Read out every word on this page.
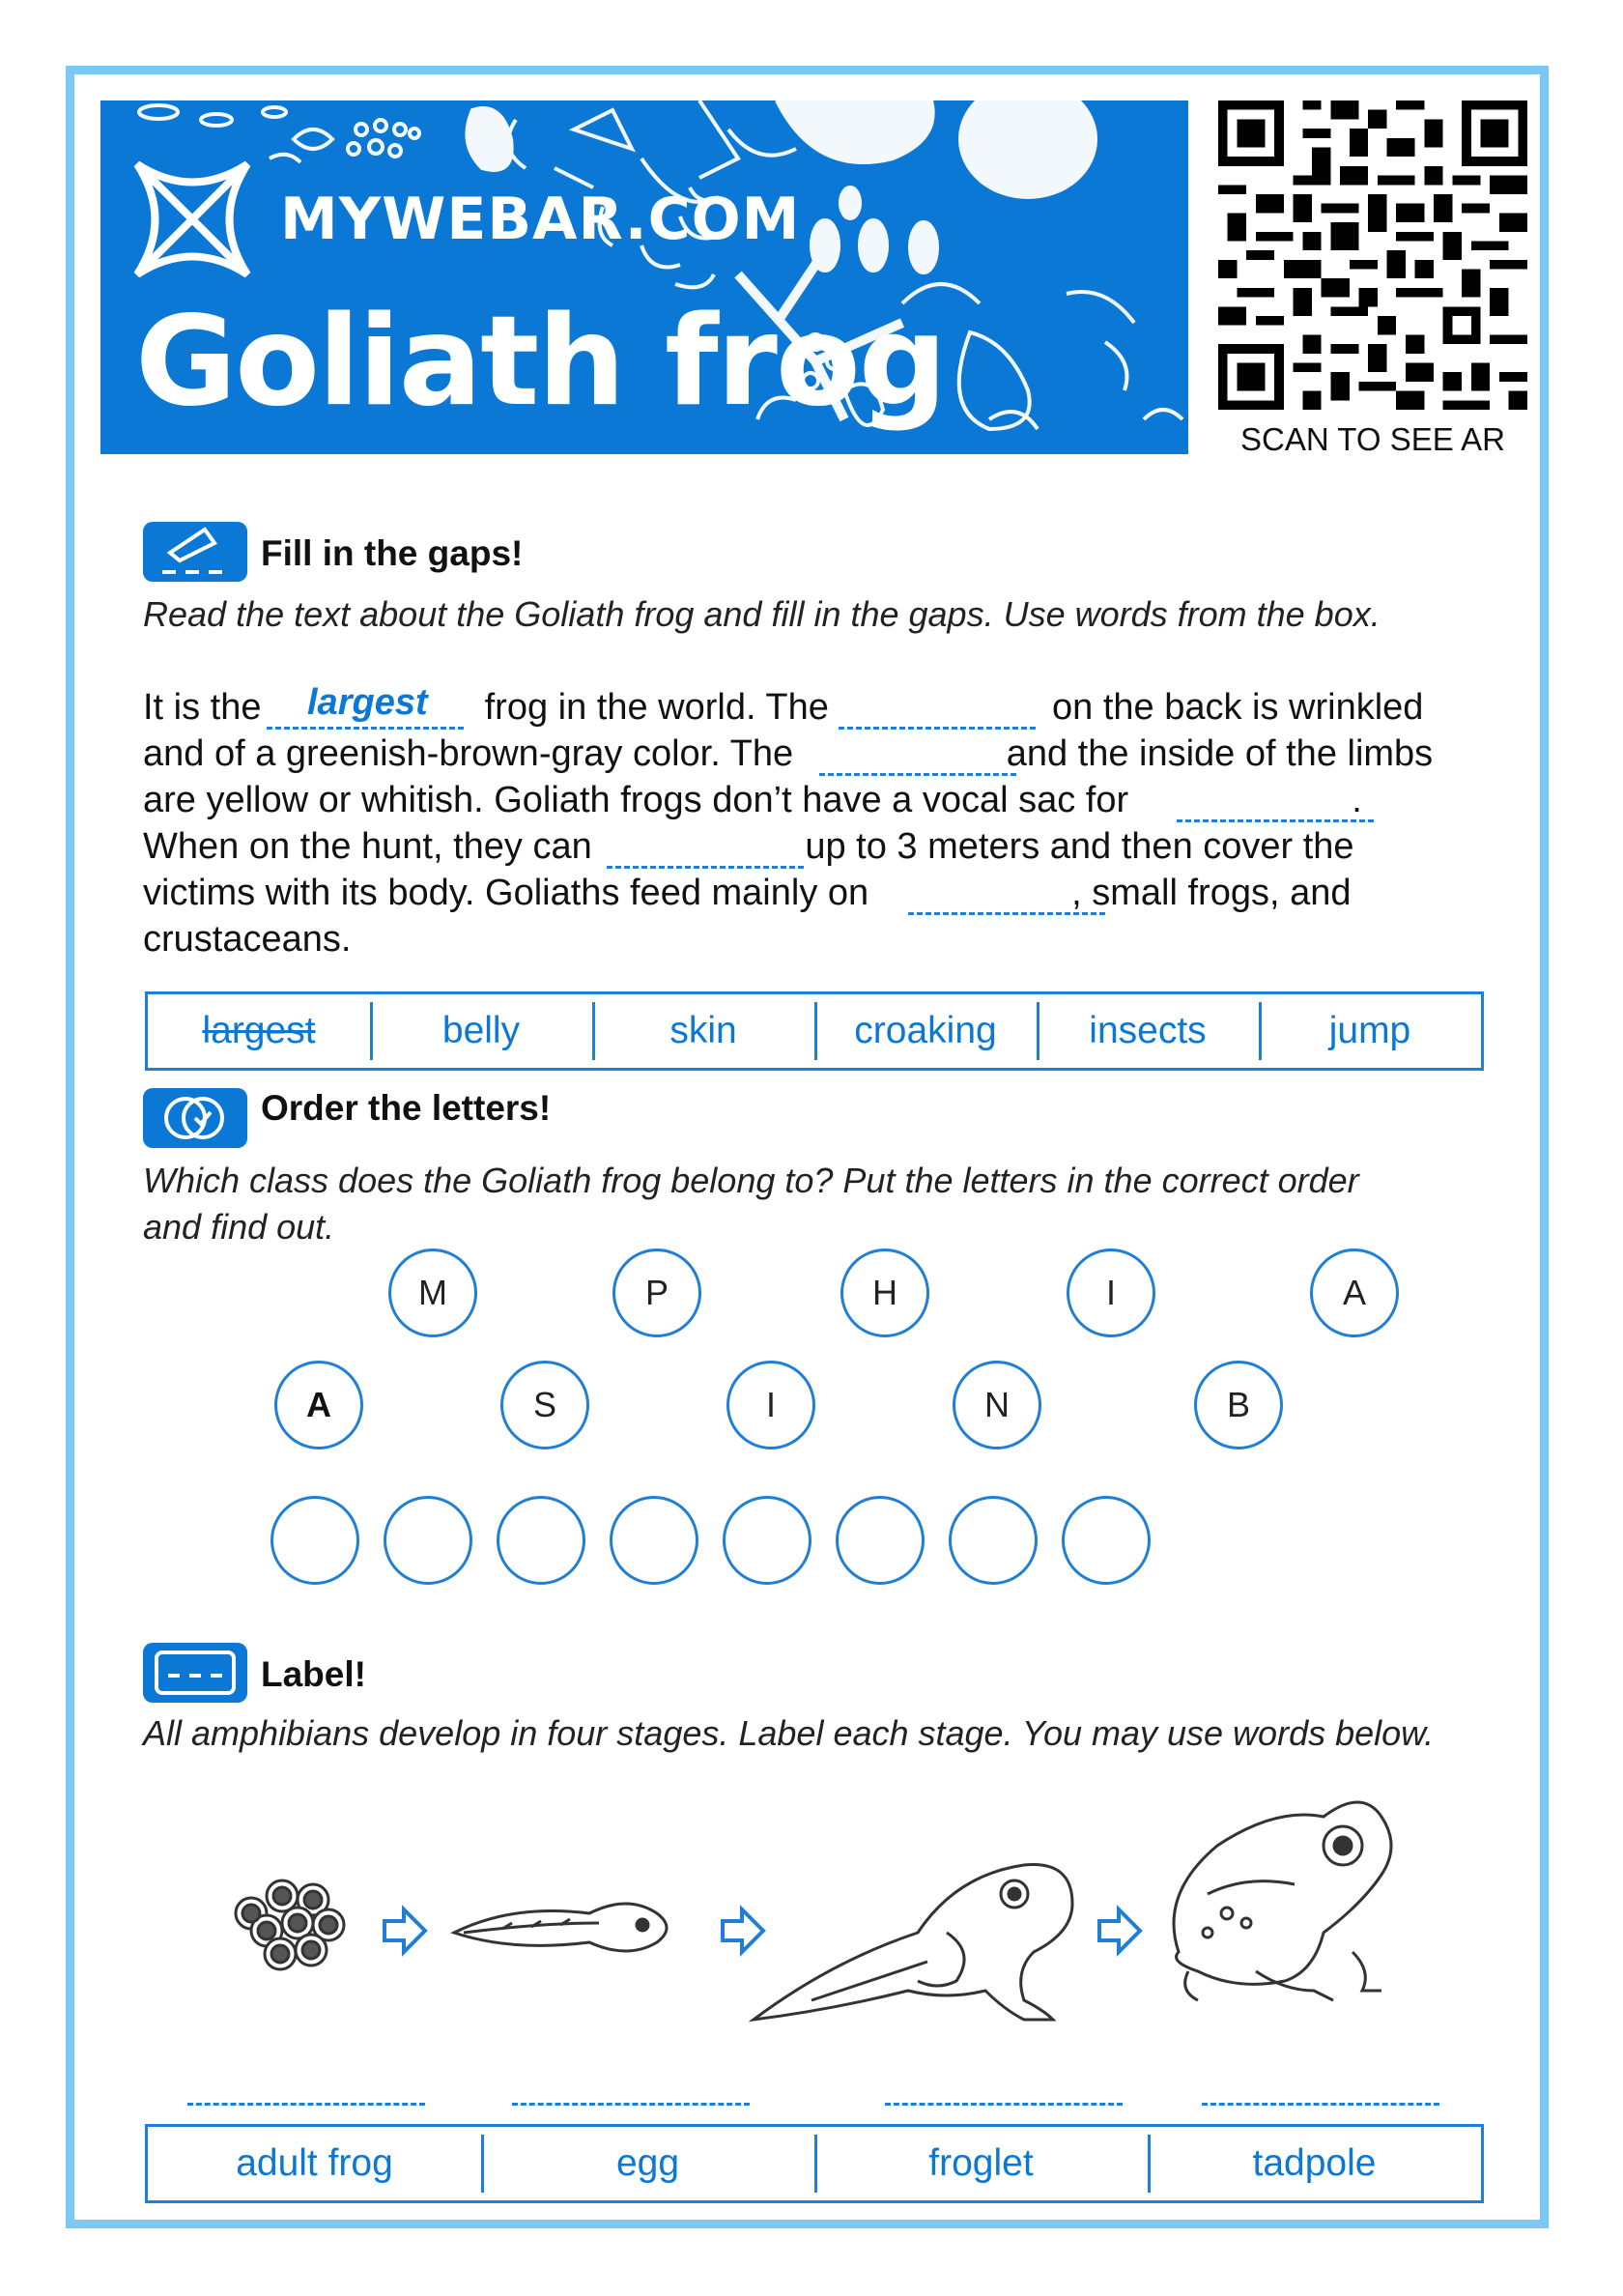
MYWEBAR.COM
Goliath frog
SCAN TO SEE AR
Fill in the gaps!
Read the text about the Goliath frog and fill in the gaps. Use words from the box.
It is the	frog in the world. The	on the back is wrinkled
and of a greenish-brown-gray color. The	and the inside of the limbs
are yellow or whitish. Goliath frogs don’t have a vocal sac for	.
When on the hunt, they can	up to 3 meters and then cover the
victims with its body. Goliaths feed mainly on	, small frogs, and
crustaceans.
largest
largest	belly	skin	croaking	insects	jump
Order the letters!
Which class does the Goliath frog belong to? Put the letters in the correct order
and find out.
M	P	H	I	A
A	S	I	N	B
Label!
All amphibians develop in four stages. Label each stage. You may use words below.
adult frog	egg	froglet	tadpole
